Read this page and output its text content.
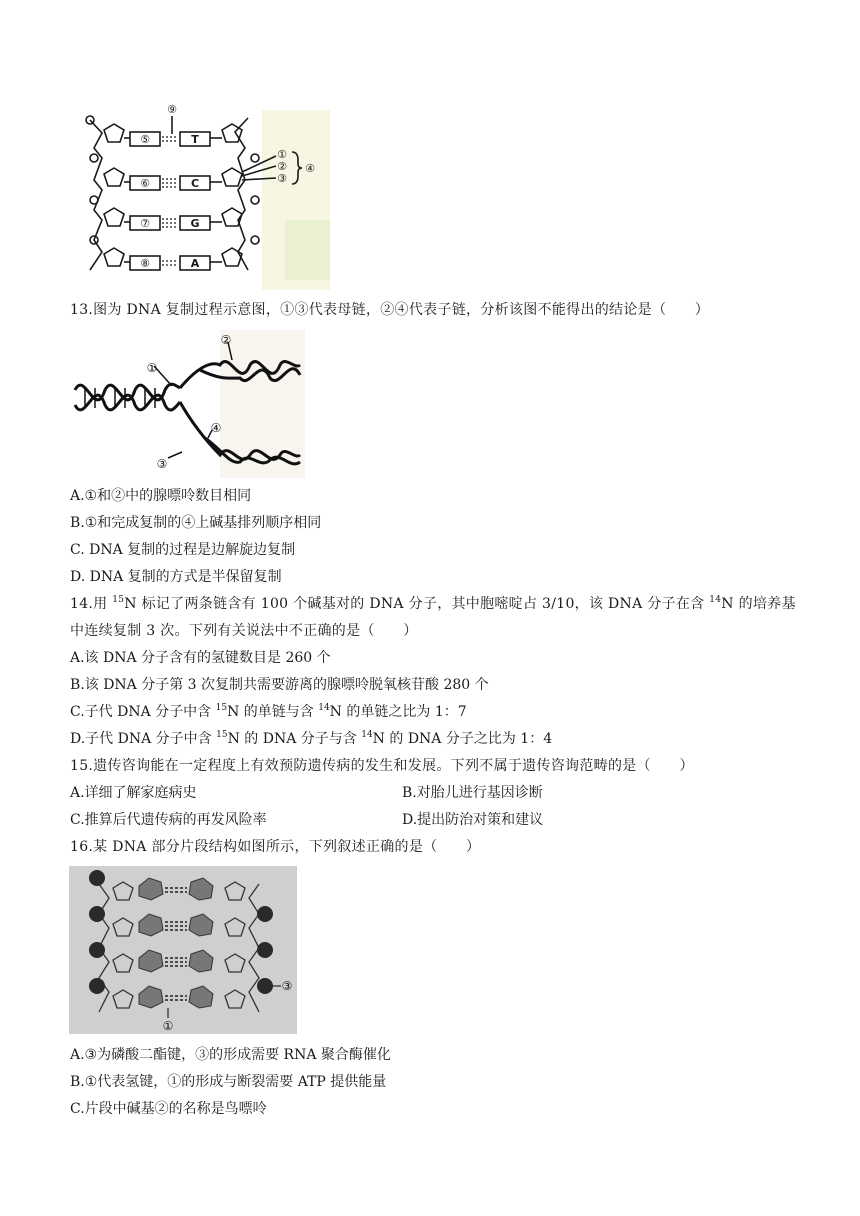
⑤
⑥
⑦
⑧
⑨
①
②
③
④
T
C
G
A
13.图为 DNA 复制过程示意图，①③代表母链，②④代表子链，分析该图不能得出的结论是（　　）
①
②
③
④
A.①和②中的腺嘌呤数目相同
B.①和完成复制的④上碱基排列顺序相同
C. DNA 复制的过程是边解旋边复制
D. DNA 复制的方式是半保留复制
14.用 $^{15}$N 标记了两条链含有 100 个碱基对的 DNA 分子，其中胞嘧啶占 3/10，该 DNA 分子在含 $^{14}$N 的培养基
中连续复制 3 次。下列有关说法中不正确的是（　　）
A.该 DNA 分子含有的氢键数目是 260 个
B.该 DNA 分子第 3 次复制共需要游离的腺嘌呤脱氧核苷酸 280 个
C.子代 DNA 分子中含 $^{15}$N 的单链与含 $^{14}$N 的单链之比为 1：7
D.子代 DNA 分子中含 $^{15}$N 的 DNA 分子与含 $^{14}$N 的 DNA 分子之比为 1：4
15.遗传咨询能在一定程度上有效预防遗传病的发生和发展。下列不属于遗传咨询范畴的是（　　）
A.详细了解家庭病史	B.对胎儿进行基因诊断
C.推算后代遗传病的再发风险率	D.提出防治对策和建议
16.某 DNA 部分片段结构如图所示，下列叙述正确的是（　　）
③
①
A.③为磷酸二酯键，③的形成需要 RNA 聚合酶催化
B.①代表氢键，①的形成与断裂需要 ATP 提供能量
C.片段中碱基②的名称是鸟嘌呤
